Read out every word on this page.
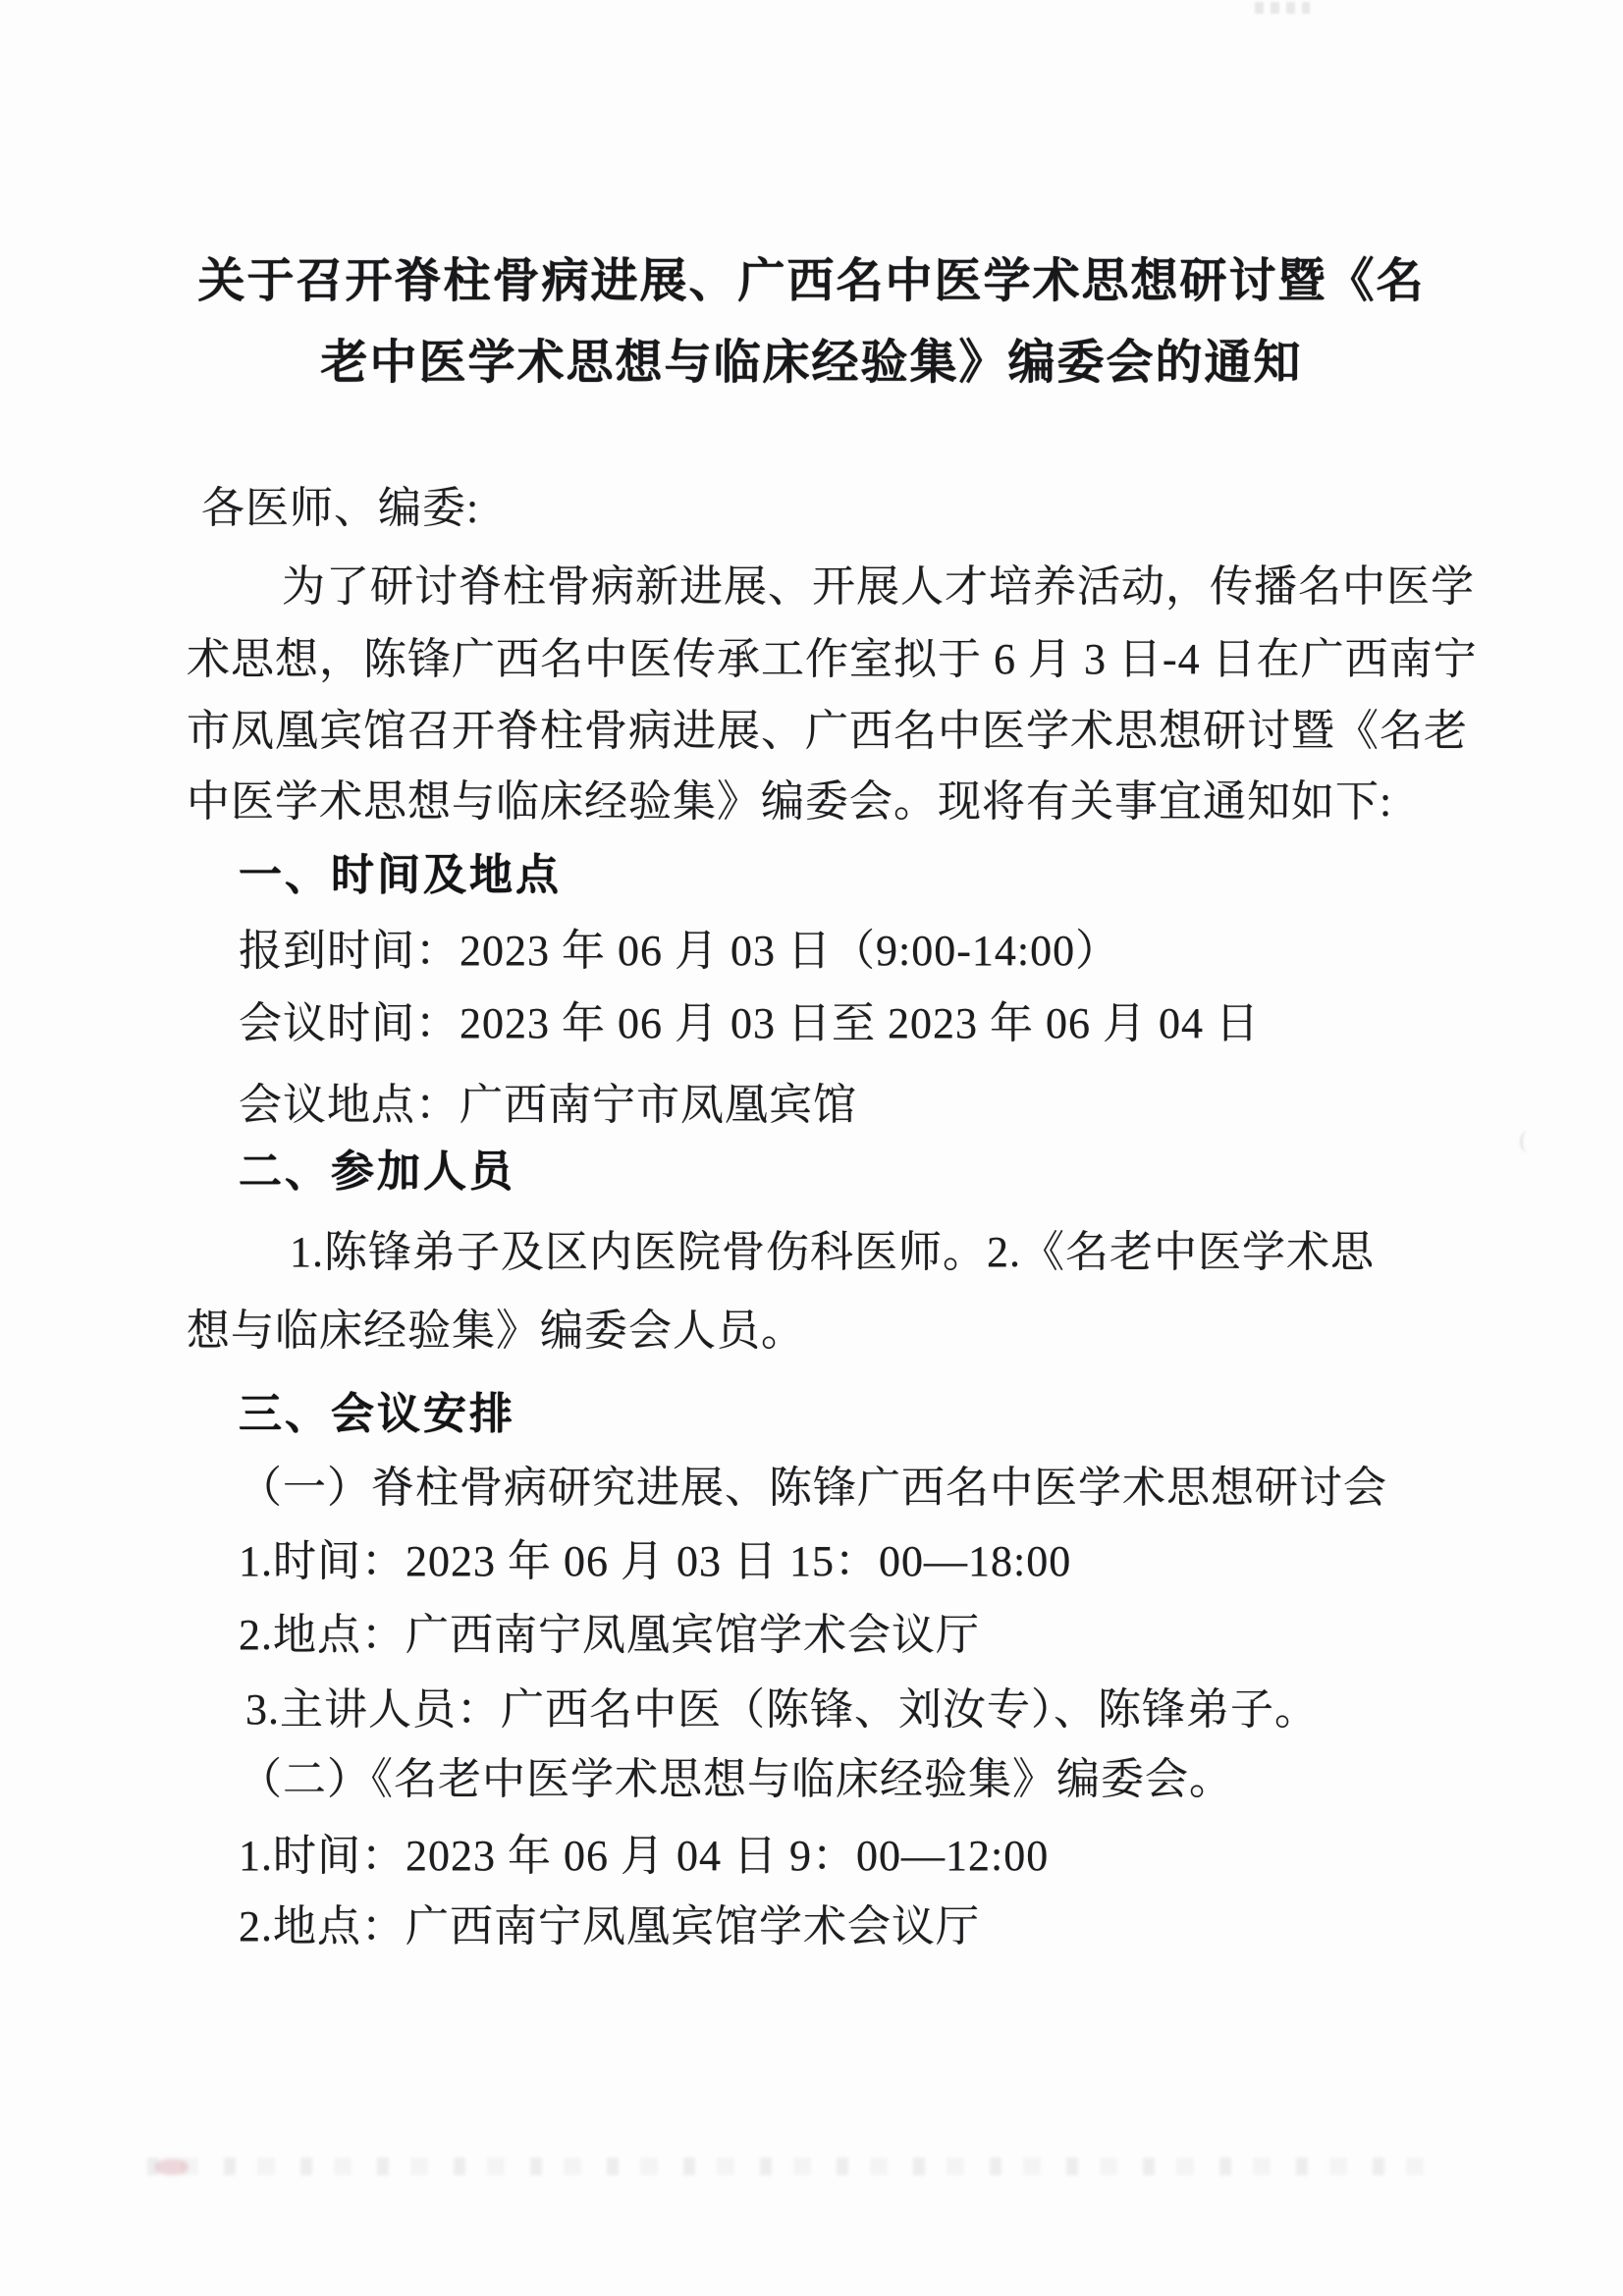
关于召开脊柱骨病进展、广西名中医学术思想研讨暨《名
老中医学术思想与临床经验集》编委会的通知
各医师、编委:
为了研讨脊柱骨病新进展、开展人才培养活动，传播名中医学
术思想，陈锋广西名中医传承工作室拟于 6 月 3 日-4 日在广西南宁
市凤凰宾馆召开脊柱骨病进展、广西名中医学术思想研讨暨《名老
中医学术思想与临床经验集》编委会。现将有关事宜通知如下:
一、时间及地点
报到时间：2023 年 06 月 03 日（9:00-14:00）
会议时间：2023 年 06 月 03 日至 2023 年 06 月 04 日
会议地点：广西南宁市凤凰宾馆
二、参加人员
1.陈锋弟子及区内医院骨伤科医师。2.《名老中医学术思
想与临床经验集》编委会人员。
三、会议安排
（一）脊柱骨病研究进展、陈锋广西名中医学术思想研讨会
1.时间：2023 年 06 月 03 日 15：00—18:00
2.地点：广西南宁凤凰宾馆学术会议厅
3.主讲人员：广西名中医（陈锋、刘汝专）、陈锋弟子。
（二）《名老中医学术思想与临床经验集》编委会。
1.时间：2023 年 06 月 04 日 9：00—12:00
2.地点：广西南宁凤凰宾馆学术会议厅
